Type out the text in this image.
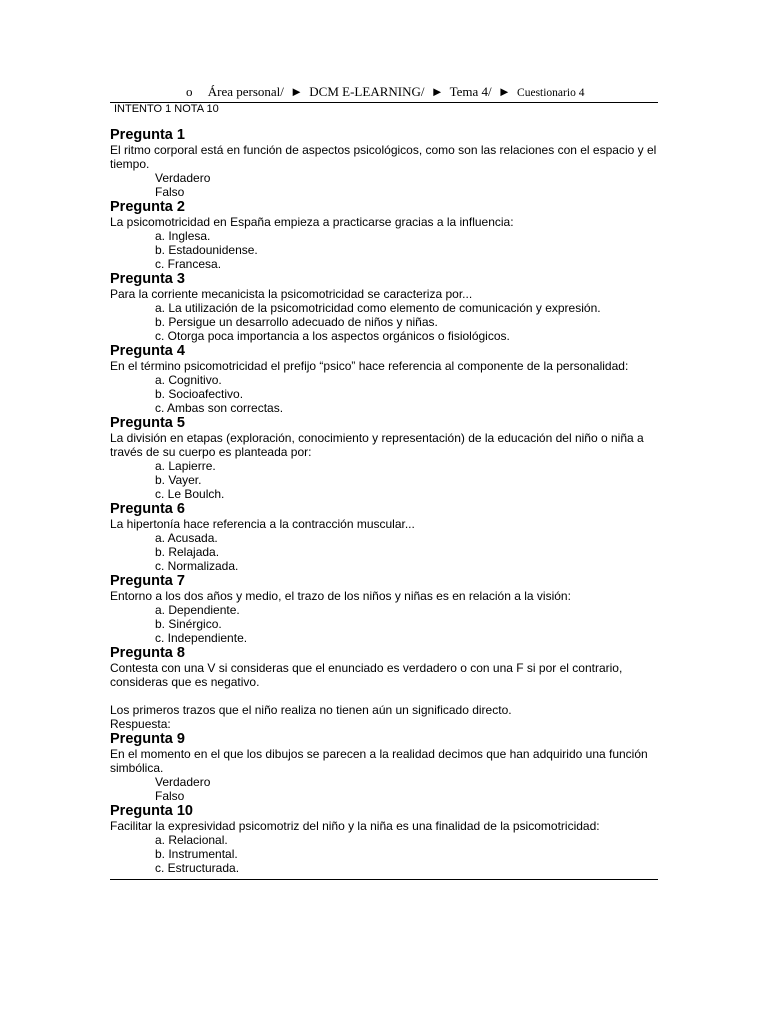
o Área personal/ ► DCM E-LEARNING/ ► Tema 4/ ► Cuestionario 4
INTENTO 1 NOTA 10
Pregunta 1
El ritmo corporal está en función de aspectos psicológicos, como son las relaciones con el espacio y el tiempo.
Verdadero
Falso
Pregunta 2
La psicomotricidad en España empieza a practicarse gracias a la influencia:
a. Inglesa.
b. Estadounidense.
c. Francesa.
Pregunta 3
Para la corriente mecanicista la psicomotricidad se caracteriza por...
a. La utilización de la psicomotricidad como elemento de comunicación y expresión.
b. Persigue un desarrollo adecuado de niños y niñas.
c. Otorga poca importancia a los aspectos orgánicos o fisiológicos.
Pregunta 4
En el término psicomotricidad el prefijo “psico” hace referencia al componente de la personalidad:
a. Cognitivo.
b. Socioafectivo.
c. Ambas son correctas.
Pregunta 5
La división en etapas (exploración, conocimiento y representación) de la educación del niño o niña a través de su cuerpo es planteada por:
a. Lapierre.
b. Vayer.
c. Le Boulch.
Pregunta 6
La hipertonía hace referencia a la contracción muscular...
a. Acusada.
b. Relajada.
c. Normalizada.
Pregunta 7
Entorno a los dos años y medio, el trazo de los niños y niñas es en relación a la visión:
a. Dependiente.
b. Sinérgico.
c. Independiente.
Pregunta 8
Contesta con una V si consideras que el enunciado es verdadero o con una F si por el contrario, consideras que es negativo.
Los primeros trazos que el niño realiza no tienen aún un significado directo.
Respuesta:
Pregunta 9
En el momento en el que los dibujos se parecen a la realidad decimos que han adquirido una función simbólica.
Verdadero
Falso
Pregunta 10
Facilitar la expresividad psicomotriz del niño y la niña es una finalidad de la psicomotricidad:
a. Relacional.
b. Instrumental.
c. Estructurada.
